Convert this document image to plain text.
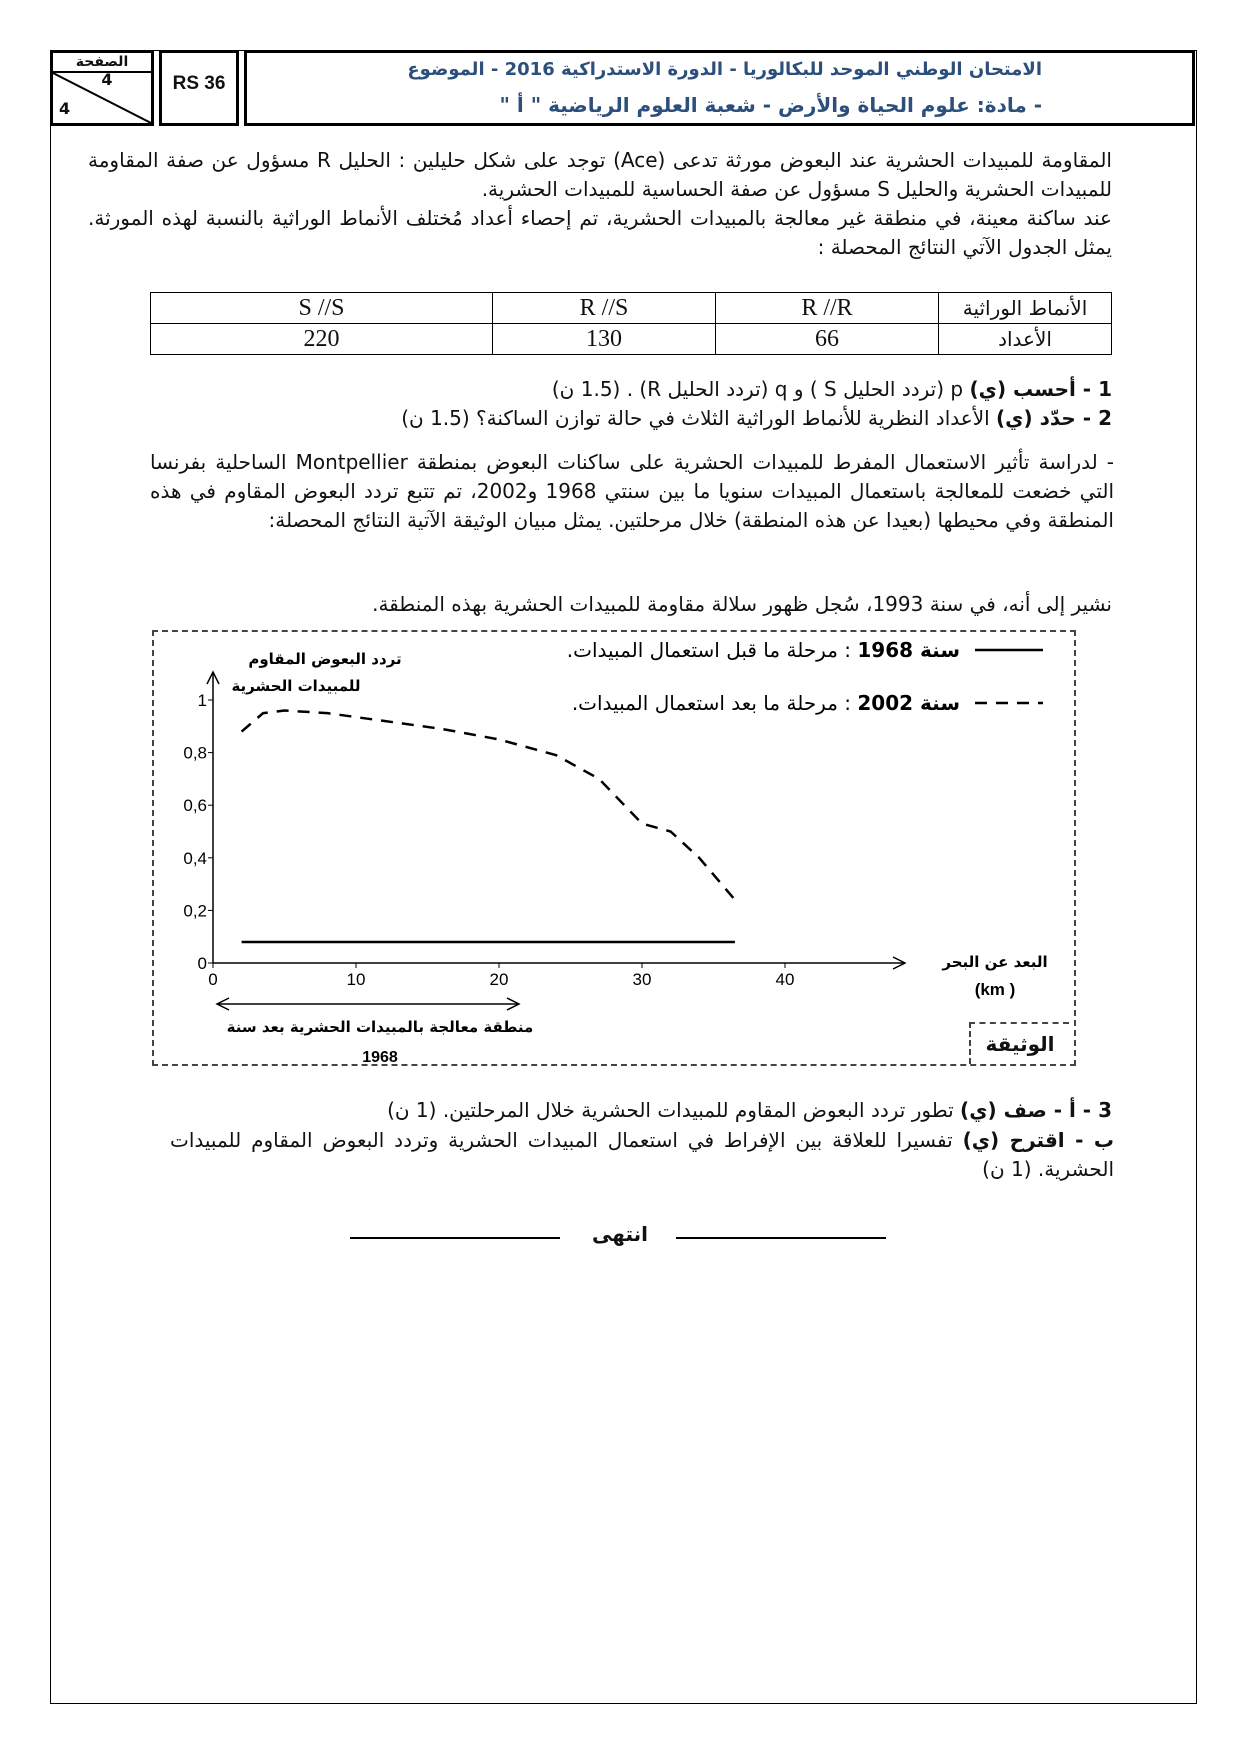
الصفحة
4
4
RS 36
الامتحان الوطني الموحد للبكالوريا - الدورة الاستدراكية 2016 - الموضوع
- مادة: علوم الحياة والأرض - شعبة العلوم الرياضية " أ "
المقاومة للمبيدات الحشرية عند البعوض مورثة تدعى (Ace) توجد على شكل حليلين : الحليل R مسؤول عن صفة المقاومة للمبيدات الحشرية والحليل S مسؤول عن صفة الحساسية للمبيدات الحشرية.
عند ساكنة معينة، في منطقة غير معالجة بالمبيدات الحشرية، تم إحصاء أعداد مُختلف الأنماط الوراثية بالنسبة لهذه المورثة. يمثل الجدول الآتي النتائج المحصلة :
الأنماط الوراثية	R //R	R //S	S //S
الأعداد	66	130	220
1 - أحسب (ي) p (تردد الحليل S ) و q (تردد الحليل R) . (1.5 ن)
2 - حدّد (ي) الأعداد النظرية للأنماط الوراثية الثلاث في حالة توازن الساكنة؟ (1.5 ن)
- لدراسة تأثير الاستعمال المفرط للمبيدات الحشرية على ساكنات البعوض بمنطقة Montpellier الساحلية بفرنسا التي خضعت للمعالجة باستعمال المبيدات سنويا ما بين سنتي 1968 و2002، تم تتبع تردد البعوض المقاوم في هذه المنطقة وفي محيطها (بعيدا عن هذه المنطقة) خلال مرحلتين. يمثل مبيان الوثيقة الآتية النتائج المحصلة:
نشير إلى أنه، في سنة 1993، سُجل ظهور سلالة مقاومة للمبيدات الحشرية بهذه المنطقة.
الوثيقة
0
0,2
0,4
0,6
0,8
1
0	10	20	30	40
سنة 1968 : مرحلة ما قبل استعمال المبيدات.
سنة 2002 : مرحلة ما بعد استعمال المبيدات.
تردد البعوض المقاوم
للمبيدات الحشرية
البعد عن البحر
(km )
منطقة معالجة بالمبيدات الحشرية بعد سنة
1968
3 - أ - صف (ي) تطور تردد البعوض المقاوم للمبيدات الحشرية خلال المرحلتين. (1 ن)
ب - اقترح (ي) تفسيرا للعلاقة بين الإفراط في استعمال المبيدات الحشرية وتردد البعوض المقاوم للمبيدات الحشرية. (1 ن)
انتهى
